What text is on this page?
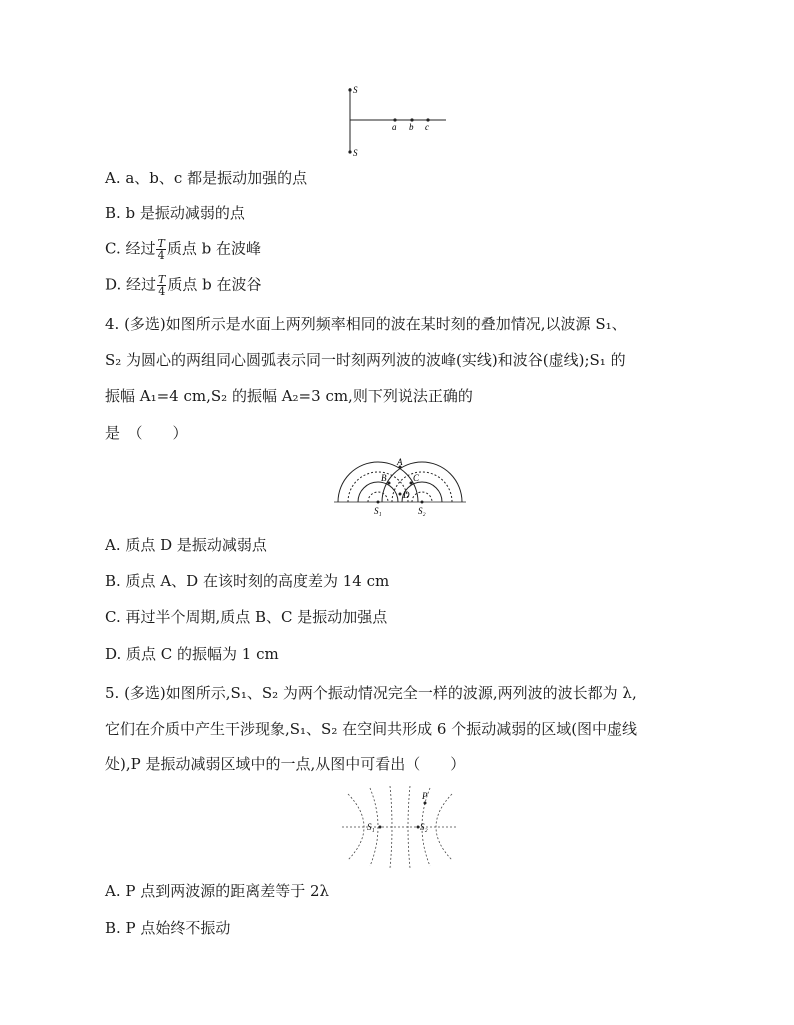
S
S
a b c
A. a、b、c 都是振动加强的点
B. b 是振动减弱的点
C. 经过 $\frac{T}{4}$ 质点 b 在波峰
D. 经过 $\frac{T}{4}$ 质点 b 在波谷
4. (多选)如图所示是水面上两列频率相同的波在某时刻的叠加情况,以波源 S₁、
S₂ 为圆心的两组同心圆弧表示同一时刻两列波的波峰(实线)和波谷(虚线);S₁ 的
振幅 A₁=4 cm,S₂ 的振幅 A₂=3 cm,则下列说法正确的
是　（　　）
A
B	C
D
S₁	S₂
A. 质点 D 是振动减弱点
B. 质点 A、D 在该时刻的高度差为 14 cm
C. 再过半个周期,质点 B、C 是振动加强点
D. 质点 C 的振幅为 1 cm
5. (多选)如图所示,S₁、S₂ 为两个振动情况完全一样的波源,两列波的波长都为 λ,
它们在介质中产生干涉现象,S₁、S₂ 在空间共形成 6 个振动减弱的区域(图中虚线
处),P 是振动减弱区域中的一点,从图中可看出（　　）
S₁	S₂
P
A. P 点到两波源的距离差等于 2λ
B. P 点始终不振动
